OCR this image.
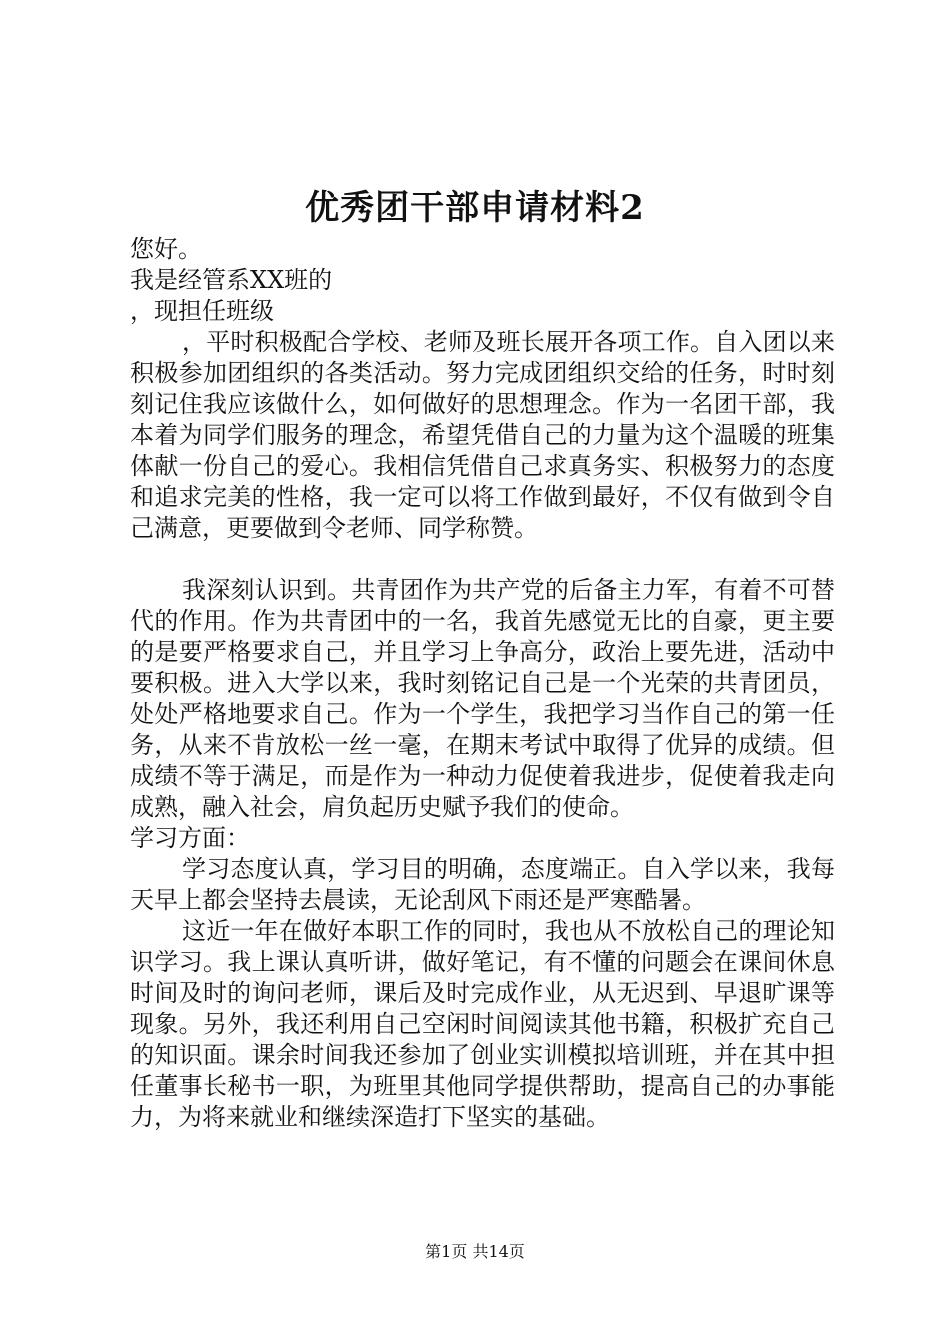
优秀团干部申请材料2

您好。

我是经管系XX班的

，现担任班级

，平时积极配合学校、老师及班长展开各项工作。自入团以来积极参加团组织的各类活动。努力完成团组织交给的任务，时时刻刻记住我应该做什么，如何做好的思想理念。作为一名团干部，我本着为同学们服务的理念，希望凭借自己的力量为这个温暖的班集体献一份自己的爱心。我相信凭借自己求真务实、积极努力的态度和追求完美的性格，我一定可以将工作做到最好，不仅有做到令自己满意，更要做到令老师、同学称赞。

我深刻认识到。共青团作为共产党的后备主力军，有着不可替代的作用。作为共青团中的一名，我首先感觉无比的自豪，更主要的是要严格要求自己，并且学习上争高分，政治上要先进，活动中要积极。进入大学以来，我时刻铭记自己是一个光荣的共青团员，处处严格地要求自己。作为一个学生，我把学习当作自己的第一任务，从来不肯放松一丝一毫，在期末考试中取得了优异的成绩。但成绩不等于满足，而是作为一种动力促使着我进步，促使着我走向成熟，融入社会，肩负起历史赋予我们的使命。

学习方面：

学习态度认真，学习目的明确，态度端正。自入学以来，我每天早上都会坚持去晨读，无论刮风下雨还是严寒酷暑。

这近一年在做好本职工作的同时，我也从不放松自己的理论知识学习。我上课认真听讲，做好笔记，有不懂的问题会在课间休息时间及时的询问老师，课后及时完成作业，从无迟到、早退旷课等现象。另外，我还利用自己空闲时间阅读其他书籍，积极扩充自己的知识面。课余时间我还参加了创业实训模拟培训班，并在其中担任董事长秘书一职，为班里其他同学提供帮助，提高自己的办事能力，为将来就业和继续深造打下坚实的基础。

第1页 共14页
